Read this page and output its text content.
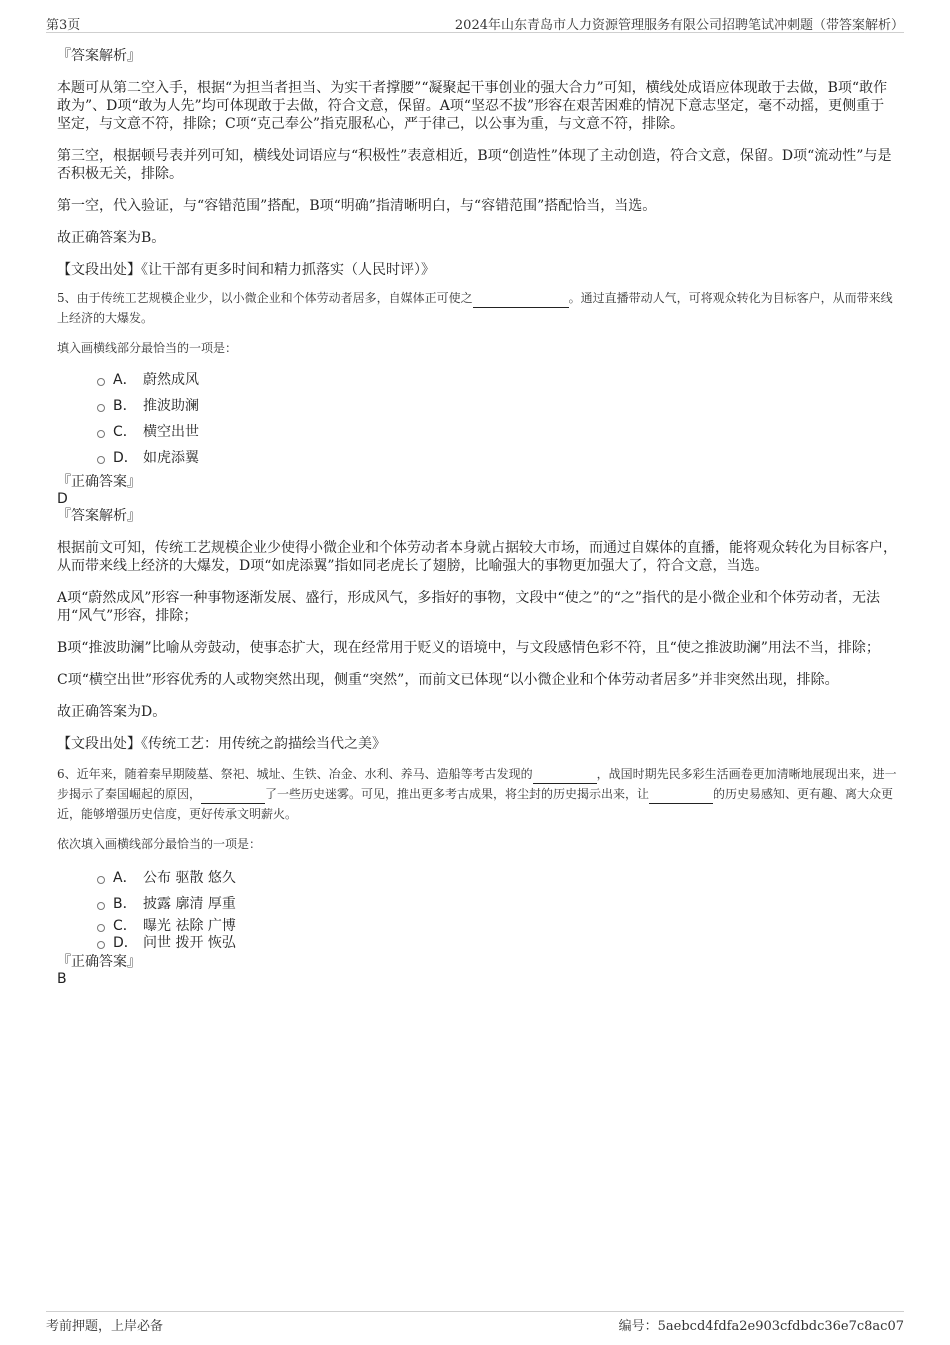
第3页	2024年山东青岛市人力资源管理服务有限公司招聘笔试冲刺题（带答案解析）

『答案解析』

本题可从第二空入手，根据“为担当者担当、为实干者撑腰”“凝聚起干事创业的强大合力”可知，横线处成语应体现敢于去做，B项“敢作敢为”、D项“敢为人先”均可体现敢于去做，符合文意，保留。A项“坚忍不拔”形容在艰苦困难的情况下意志坚定，毫不动摇，更侧重于坚定，与文意不符，排除；C项“克己奉公”指克服私心，严于律己，以公事为重，与文意不符，排除。

第三空，根据顿号表并列可知，横线处词语应与“积极性”表意相近，B项“创造性”体现了主动创造，符合文意，保留。D项“流动性”与是否积极无关，排除。

第一空，代入验证，与“容错范围”搭配，B项“明确”指清晰明白，与“容错范围”搭配恰当，当选。

故正确答案为B。

【文段出处】《让干部有更多时间和精力抓落实（人民时评）》

5、由于传统工艺规模企业少，以小微企业和个体劳动者居多，自媒体正可使之	。通过直播带动人气，可将观众转化为目标客户，从而带来线上经济的大爆发。

填入画横线部分最恰当的一项是：

A． 蔚然成风
B． 推波助澜
C． 横空出世
D． 如虎添翼

『正确答案』

D

『答案解析』

根据前文可知，传统工艺规模企业少使得小微企业和个体劳动者本身就占据较大市场，而通过自媒体的直播，能将观众转化为目标客户，从而带来线上经济的大爆发，D项“如虎添翼”指如同老虎长了翅膀，比喻强大的事物更加强大了，符合文意，当选。

A项“蔚然成风”形容一种事物逐渐发展、盛行，形成风气，多指好的事物，文段中“使之”的“之”指代的是小微企业和个体劳动者，无法用“风气”形容，排除；

B项“推波助澜”比喻从旁鼓动，使事态扩大，现在经常用于贬义的语境中，与文段感情色彩不符，且“使之推波助澜”用法不当，排除；

C项“横空出世”形容优秀的人或物突然出现，侧重“突然”，而前文已体现“以小微企业和个体劳动者居多”并非突然出现，排除。

故正确答案为D。

【文段出处】《传统工艺：用传统之韵描绘当代之美》

6、近年来，随着秦早期陵墓、祭祀、城址、生铁、冶金、水利、养马、造船等考古发现的	，战国时期先民多彩生活画卷更加清晰地展现出来，进一步揭示了秦国崛起的原因，	了一些历史迷雾。可见，推出更多考古成果，将尘封的历史揭示出来，让	的历史易感知、更有趣、离大众更近，能够增强历史信度，更好传承文明薪火。

依次填入画横线部分最恰当的一项是：

A． 公布 驱散 悠久
B． 披露 廓清 厚重
C． 曝光 祛除 广博
D． 问世 拨开 恢弘

『正确答案』

B

考前押题，上岸必备	编号：5aebcd4fdfa2e903cfdbdc36e7c8ac07
